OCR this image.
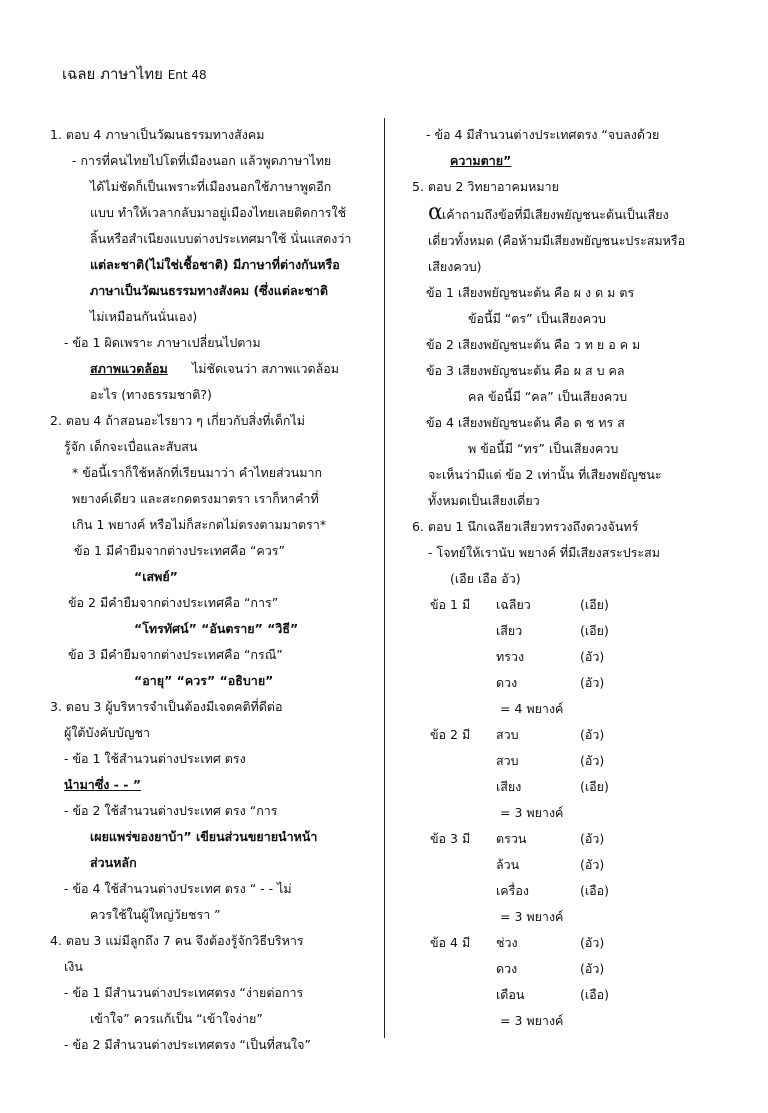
เฉลย ภาษาไทย Ent 48
1. ตอบ 4 ภาษาเป็นวัฒนธรรมทางสังคม
- การที่คนไทยไปโตที่เมืองนอก แล้วพูดภาษาไทย
ได้ไม่ชัดก็เป็นเพราะที่เมืองนอกใช้ภาษาพูดอีก
แบบ ทำให้เวลากลับมาอยู่เมืองไทยเลยติดการใช้
ลิ้นหรือสำเนียงแบบต่างประเทศมาใช้ นั่นแสดงว่า
แต่ละชาติ(ไม่ใช่เชื้อชาติ) มีภาษาที่ต่างกันหรือ
ภาษาเป็นวัฒนธรรมทางสังคม (ซึ่งแต่ละชาติ
ไม่เหมือนกันนั่นเอง)
- ข้อ 1 ผิดเพราะ ภาษาเปลี่ยนไปตาม
สภาพแวดล้อม ไม่ชัดเจนว่า สภาพแวดล้อม
อะไร (ทางธรรมชาติ?)
2. ตอบ 4 ถ้าสอนอะไรยาว ๆ เกี่ยวกับสิ่งที่เด็กไม่
รู้จัก เด็กจะเบื่อและสับสน
* ข้อนี้เราก็ใช้หลักที่เรียนมาว่า คำไทยส่วนมาก
พยางค์เดียว และสะกดตรงมาตรา เราก็หาคำที่
เกิน 1 พยางค์ หรือไม่ก็สะกดไม่ตรงตามมาตรา*
ข้อ 1 มีคำยืมจากต่างประเทศคือ “ควร”
“เสพย์”
ข้อ 2 มีคำยืมจากต่างประเทศคือ “การ”
“โทรทัศน์” “อันตราย” “วิธี”
ข้อ 3 มีคำยืมจากต่างประเทศคือ “กรณี”
“อายุ” “ควร” “อธิบาย”
3. ตอบ 3 ผู้บริหารจำเป็นต้องมีเจตคติที่ดีต่อ
ผู้ใต้บังคับบัญชา
- ข้อ 1 ใช้สำนวนต่างประเทศ ตรง
นำมาซึ่ง - - ”
- ข้อ 2 ใช้สำนวนต่างประเทศ ตรง “การ
เผยแพร่ของยาบ้า” เขียนส่วนขยายนำหน้า
ส่วนหลัก
- ข้อ 4 ใช้สำนวนต่างประเทศ ตรง “ - - ไม่
ควรใช้ในผู้ใหญ่วัยชรา ”
4. ตอบ 3 แม่มีลูกถึง 7 คน จึงต้องรู้จักวิธีบริหาร
เงิน
- ข้อ 1 มีสำนวนต่างประเทศตรง “ง่ายต่อการ
เข้าใจ” ควรแก้เป็น “เข้าใจง่าย”
- ข้อ 2 มีสำนวนต่างประเทศตรง “เป็นที่สนใจ”
- ข้อ 4 มีสำนวนต่างประเทศตรง “จบลงด้วย
ความตาย”
5. ตอบ 2 วิทยาอาคมหมาย
α เค้าถามถึงข้อที่มีเสียงพยัญชนะต้นเป็นเสียง
เดี่ยวทั้งหมด (คือห้ามมีเสียงพยัญชนะประสมหรือ
เสียงควบ)
ข้อ 1 เสียงพยัญชนะต้น คือ ผ ง ด ม ตร
ข้อนี้มี “ตร” เป็นเสียงควบ
ข้อ 2 เสียงพยัญชนะต้น คือ ว ท ย อ ค ม
ข้อ 3 เสียงพยัญชนะต้น คือ ผ ส บ คล
คล ข้อนี้มี “คล” เป็นเสียงควบ
ข้อ 4 เสียงพยัญชนะต้น คือ ด ช ทร ส
พ ข้อนี้มี “ทร” เป็นเสียงควบ
จะเห็นว่ามีแต่ ข้อ 2 เท่านั้น ที่เสียงพยัญชนะ
ทั้งหมดเป็นเสียงเดี่ยว
6. ตอบ 1 นึกเฉลียวเสียวทรวงถึงดวงจันทร์
- โจทย์ให้เรานับ พยางค์ ที่มีเสียงสระประสม
(เอีย เอือ อัว)
ข้อ 1 มี เฉลียว	(เอีย)
เสียว	(เอีย)
ทรวง	(อัว)
ดวง	(อัว)
= 4 พยางค์
ข้อ 2 มี สวบ	(อัว)
สวบ	(อัว)
เสียง	(เอีย)
= 3 พยางค์
ข้อ 3 มี ตรวน	(อัว)
ล้วน	(อัว)
เครื่อง	(เอือ)
= 3 พยางค์
ข้อ 4 มี ช่วง	(อัว)
ดวง	(อัว)
เดือน	(เอือ)
= 3 พยางค์
